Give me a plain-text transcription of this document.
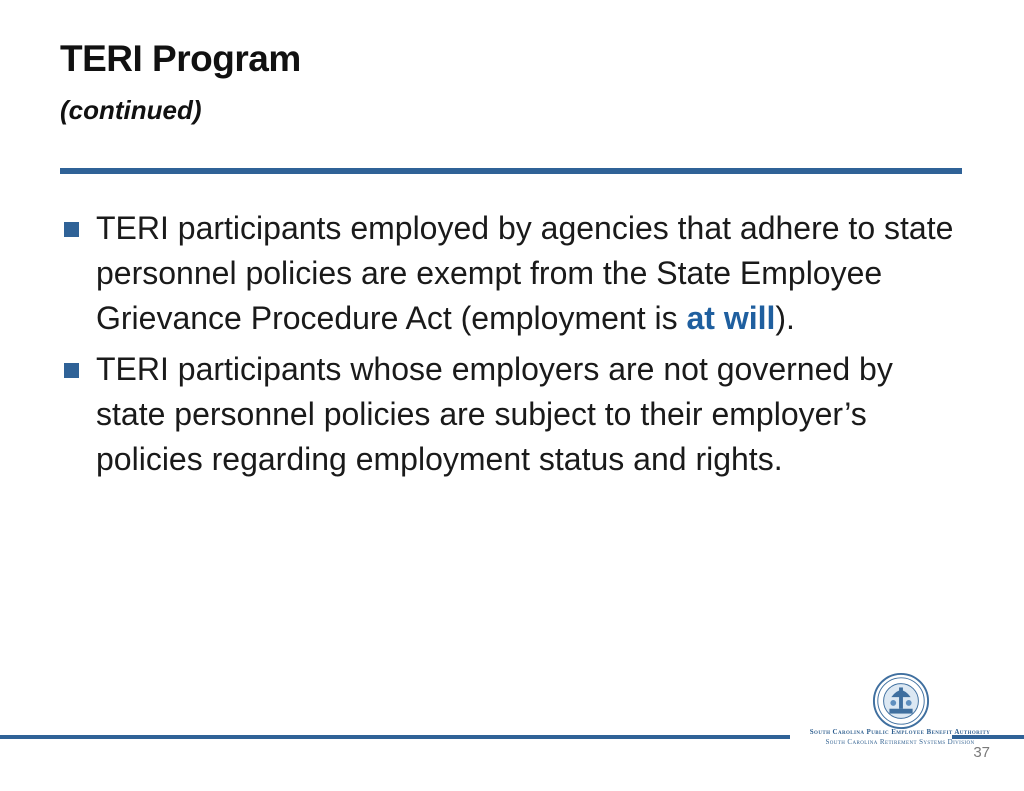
TERI Program
(continued)
TERI participants employed by agencies that adhere to state personnel policies are exempt from the State Employee Grievance Procedure Act (employment is at will).
TERI participants whose employers are not governed by state personnel policies are subject to their employer’s policies regarding employment status and rights.
South Carolina Public Employee Benefit Authority
South Carolina Retirement Systems Division
37
